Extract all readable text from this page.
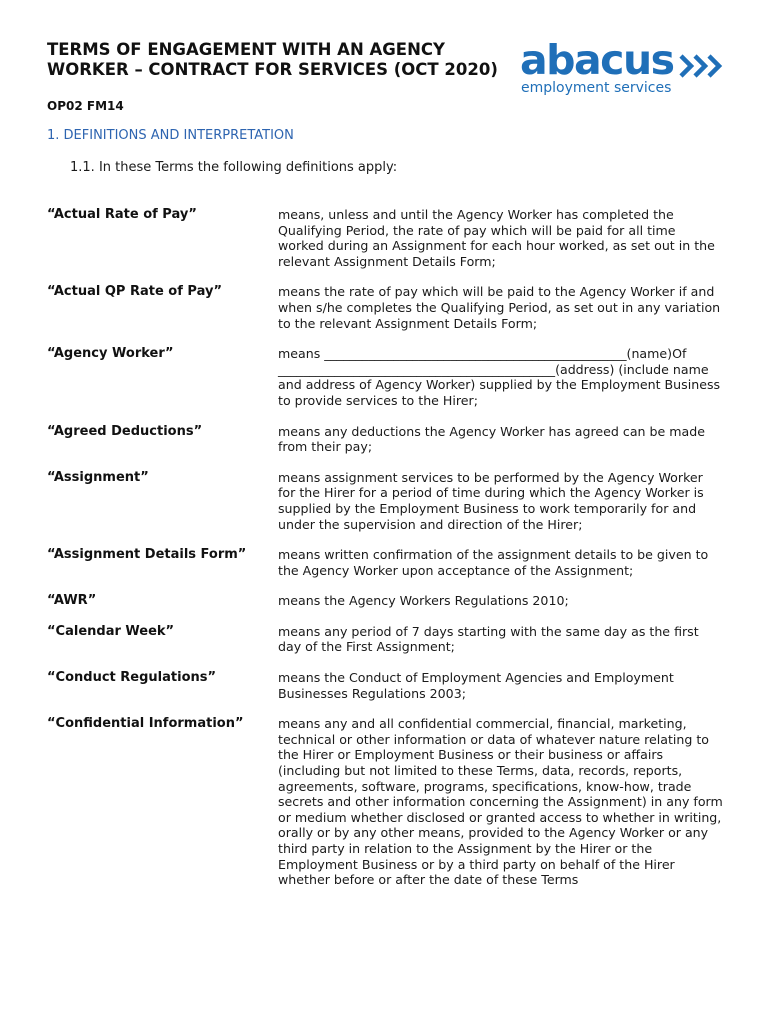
TERMS OF ENGAGEMENT WITH AN AGENCY WORKER – CONTRACT FOR SERVICES (OCT 2020)
OP02 FM14
abacus
employment services
1. DEFINITIONS AND INTERPRETATION
1.1. In these Terms the following definitions apply:
“Actual Rate of Pay”	means, unless and until the Agency Worker has completed the Qualifying Period, the rate of pay which will be paid for all time worked during an Assignment for each hour worked, as set out in the relevant Assignment Details Form;
“Actual QP Rate of Pay”	means the rate of pay which will be paid to the Agency Worker if and when s/he completes the Qualifying Period, as set out in any variation to the relevant Assignment Details Form;
“Agency Worker”	means ________________________________________________(name)Of ____________________________________________(address) (include name and address of Agency Worker) supplied by the Employment Business to provide services to the Hirer;
“Agreed Deductions”	means any deductions the Agency Worker has agreed can be made from their pay;
“Assignment”	means assignment services to be performed by the Agency Worker for the Hirer for a period of time during which the Agency Worker is supplied by the Employment Business to work temporarily for and under the supervision and direction of the Hirer;
“Assignment Details Form”	means written confirmation of the assignment details to be given to the Agency Worker upon acceptance of the Assignment;
“AWR”	means the Agency Workers Regulations 2010;
“Calendar Week”	means any period of 7 days starting with the same day as the first day of the First Assignment;
“Conduct Regulations”	means the Conduct of Employment Agencies and Employment Businesses Regulations 2003;
“Confidential Information”	means any and all confidential commercial, financial, marketing, technical or other information or data of whatever nature relating to the Hirer or Employment Business or their business or affairs (including but not limited to these Terms, data, records, reports, agreements, software, programs, specifications, know-how, trade secrets and other information concerning the Assignment) in any form or medium whether disclosed or granted access to whether in writing, orally or by any other means, provided to the Agency Worker or any third party in relation to the Assignment by the Hirer or the Employment Business or by a third party on behalf of the Hirer whether before or after the date of these Terms
